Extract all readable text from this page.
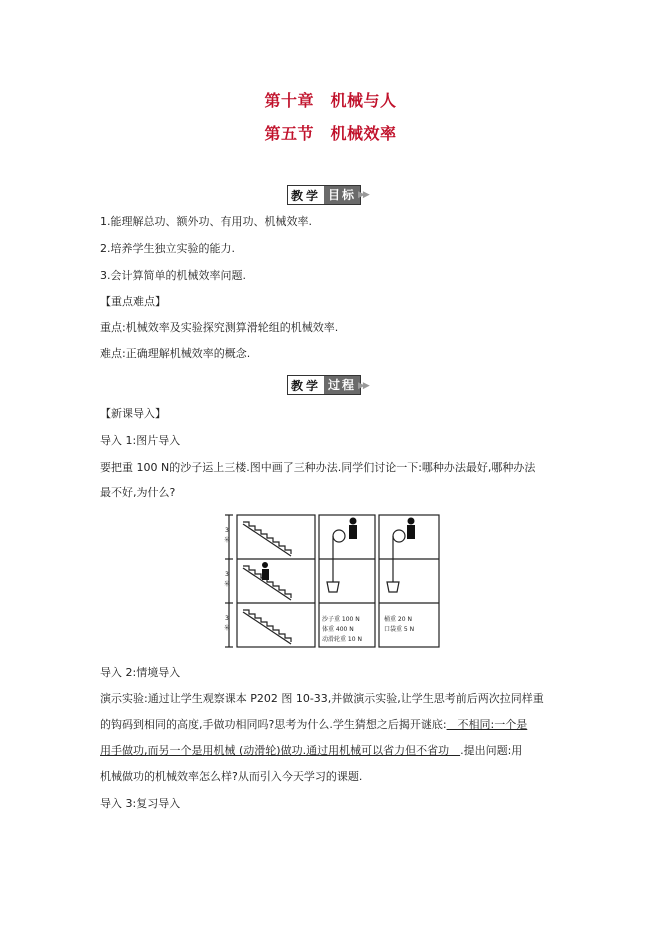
第十章　机械与人
第五节　机械效率
教学 目标 ▶▶
1.能理解总功、额外功、有用功、机械效率.
2.培养学生独立实验的能力.
3.会计算简单的机械效率问题.
【重点难点】
重点:机械效率及实验探究测算滑轮组的机械效率.
难点:正确理解机械效率的概念.
教学 过程 ▶▶
【新课导入】
导入 1:图片导入
要把重 100 N的沙子运上三楼.图中画了三种办法.同学们讨论一下:哪种办法最好,哪种办法
最不好,为什么?
3
米
3
米
3
米
沙子重 100 N
体重 400 N
动滑轮重 10 N
桶重 20 N
口袋重 5 N
导入 2:情境导入
演示实验:通过让学生观察课本 P202 图 10-33,并做演示实验,让学生思考前后两次拉同样重
的钩码到相同的高度,手做功相同吗?思考为什么.学生猜想之后揭开谜底:　不相同:一个是
用手做功,而另一个是用机械 (动滑轮)做功.通过用机械可以省力但不省功　.提出问题:用
机械做功的机械效率怎么样?从而引入今天学习的课题.
导入 3:复习导入
